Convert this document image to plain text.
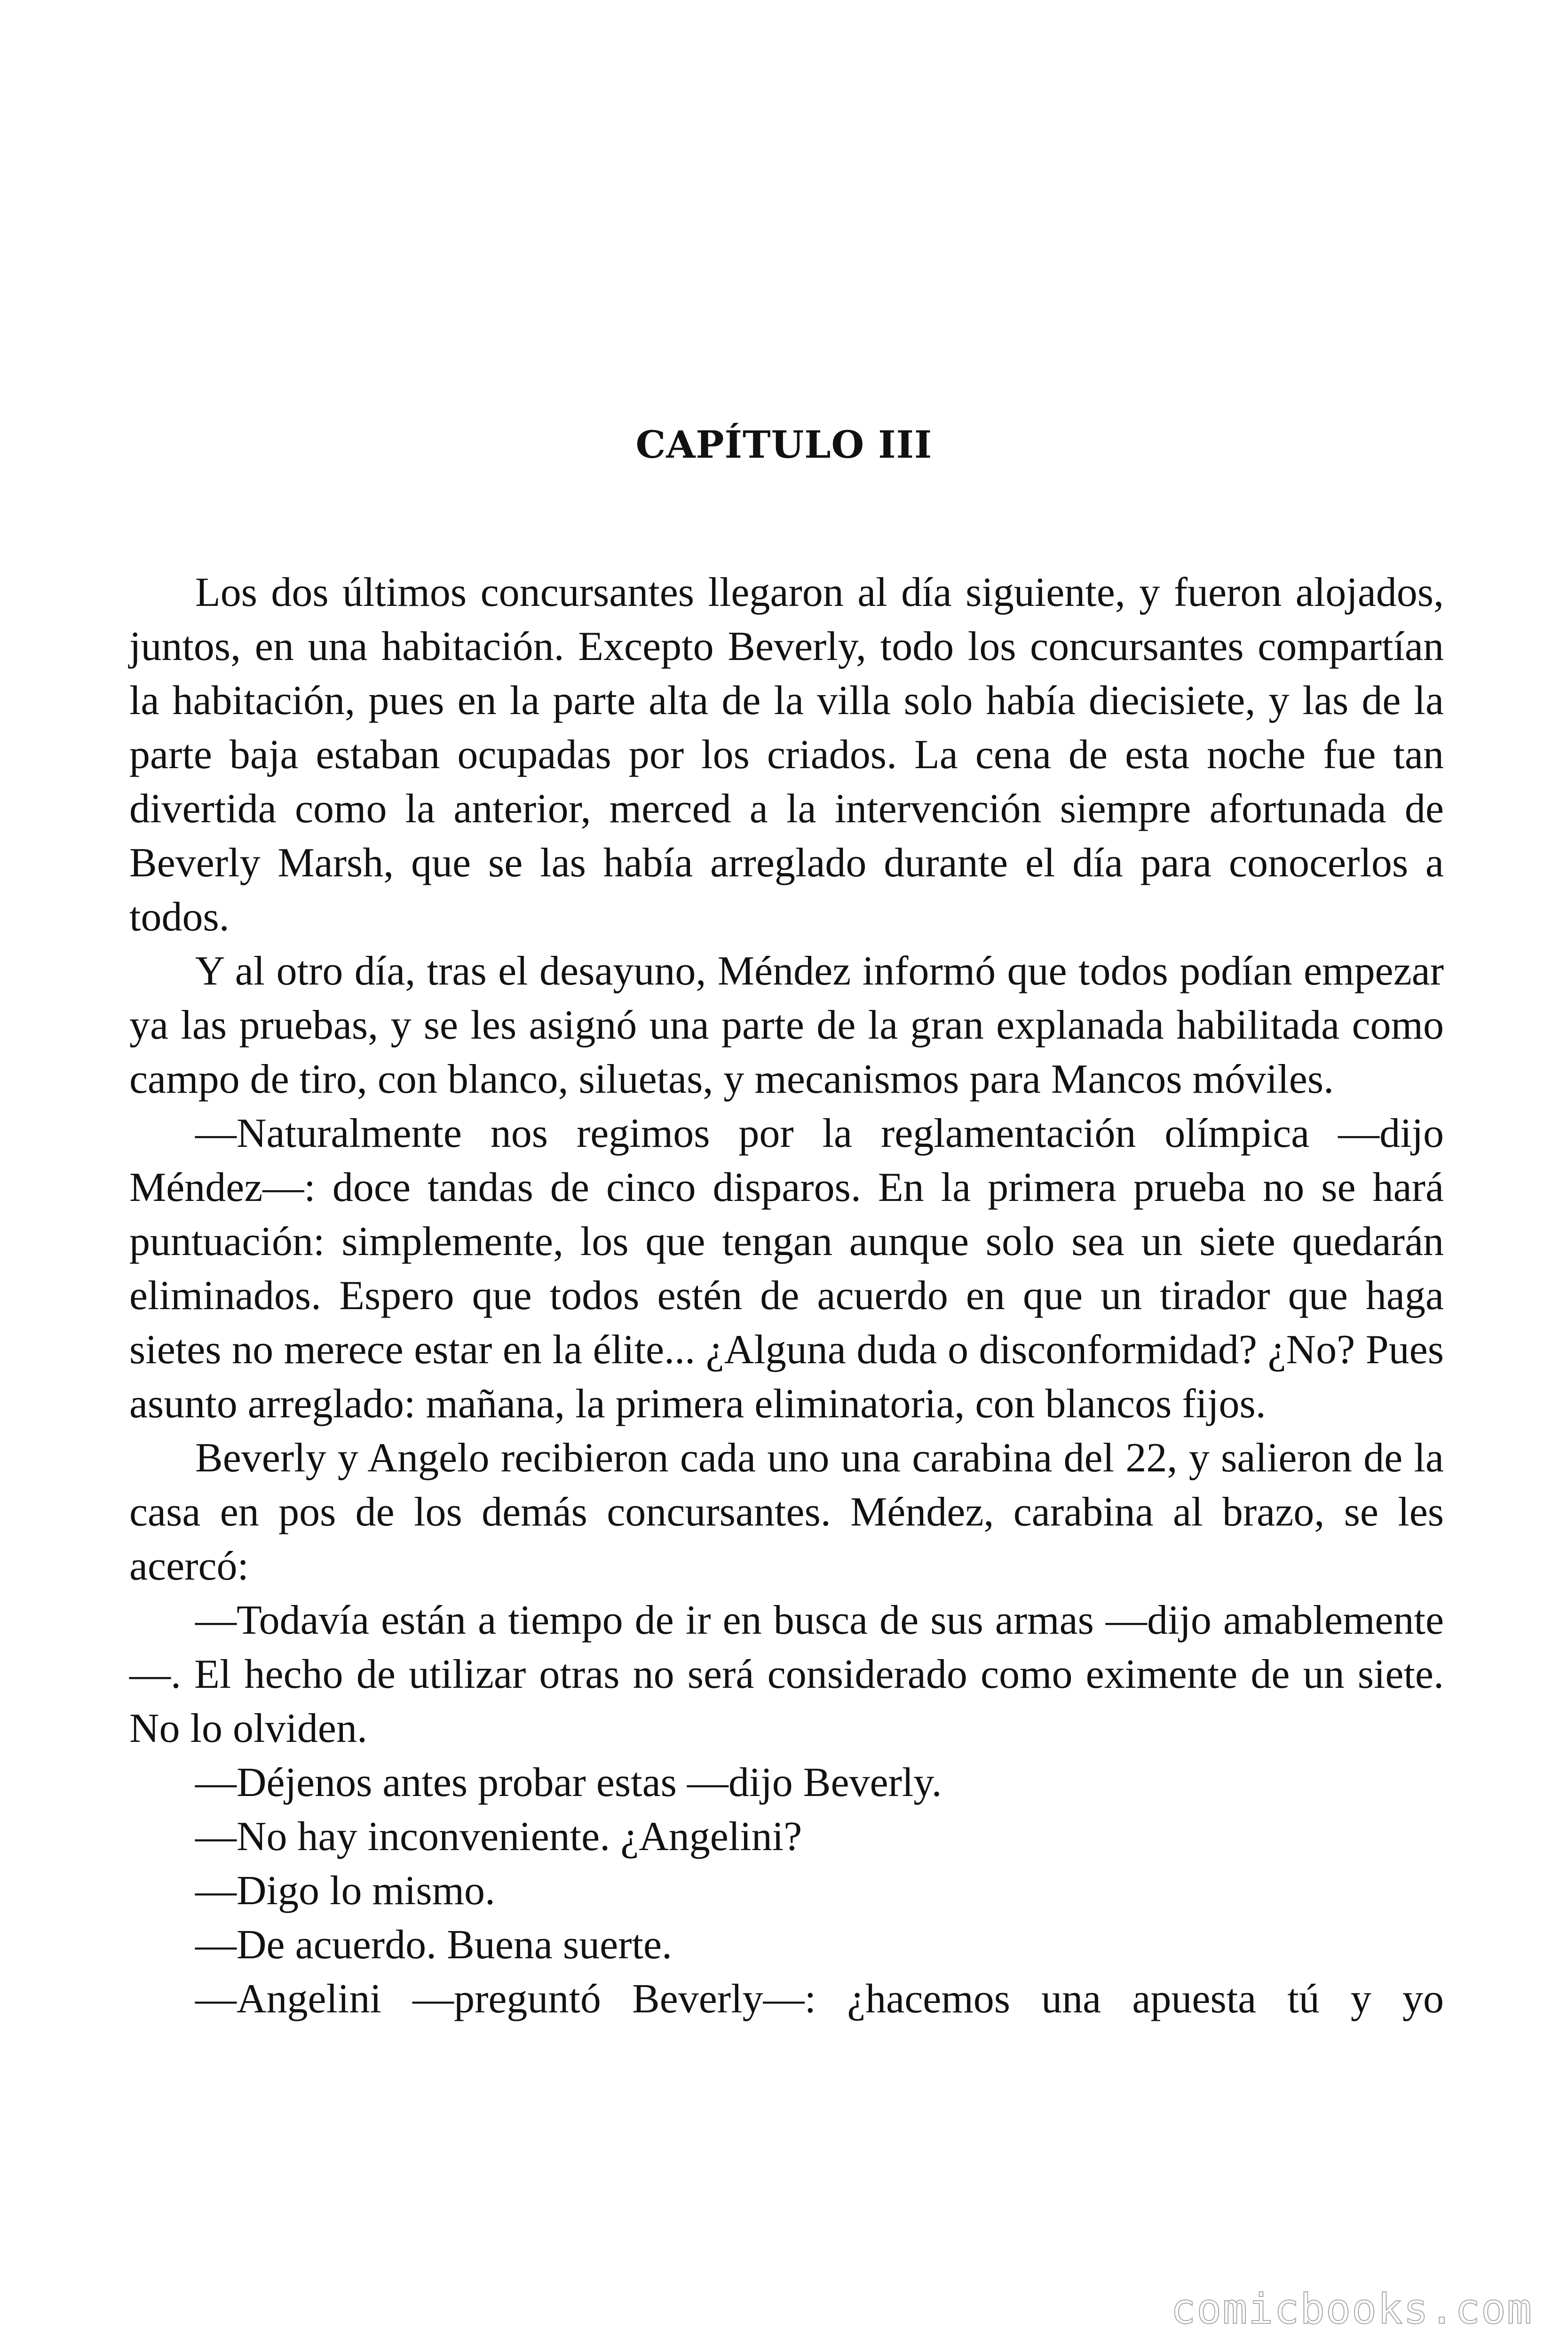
CAPÍTULO III

Los dos últimos concursantes llegaron al día siguiente, y fueron alojados, juntos, en una habitación. Excepto Beverly, todo los concursantes compartían la habitación, pues en la parte alta de la villa solo había diecisiete, y las de la parte baja estaban ocupadas por los criados. La cena de esta noche fue tan divertida como la anterior, merced a la intervención siempre afortunada de Beverly Marsh, que se las había arreglado durante el día para conocerlos a todos.

Y al otro día, tras el desayuno, Méndez informó que todos podían empezar ya las pruebas, y se les asignó una parte de la gran explanada habilitada como campo de tiro, con blanco, siluetas, y mecanismos para Mancos móviles.

—Naturalmente nos regimos por la reglamentación olímpica —dijo Méndez—: doce tandas de cinco disparos. En la primera prueba no se hará puntuación: simplemente, los que tengan aunque solo sea un siete quedarán eliminados. Espero que todos estén de acuerdo en que un tirador que haga sietes no merece estar en la élite... ¿Alguna duda o disconformidad? ¿No? Pues asunto arreglado: mañana, la primera eliminatoria, con blancos fijos.

Beverly y Angelo recibieron cada uno una carabina del 22, y salieron de la casa en pos de los demás concursantes. Méndez, carabina al brazo, se les acercó:

—Todavía están a tiempo de ir en busca de sus armas —dijo amablemente—. El hecho de utilizar otras no será considerado como eximente de un siete. No lo olviden.

—Déjenos antes probar estas —dijo Beverly.

—No hay inconveniente. ¿Angelini?

—Digo lo mismo.

—De acuerdo. Buena suerte.

—Angelini —preguntó Beverly—: ¿hacemos una apuesta tú y yo

comicbooks.com
